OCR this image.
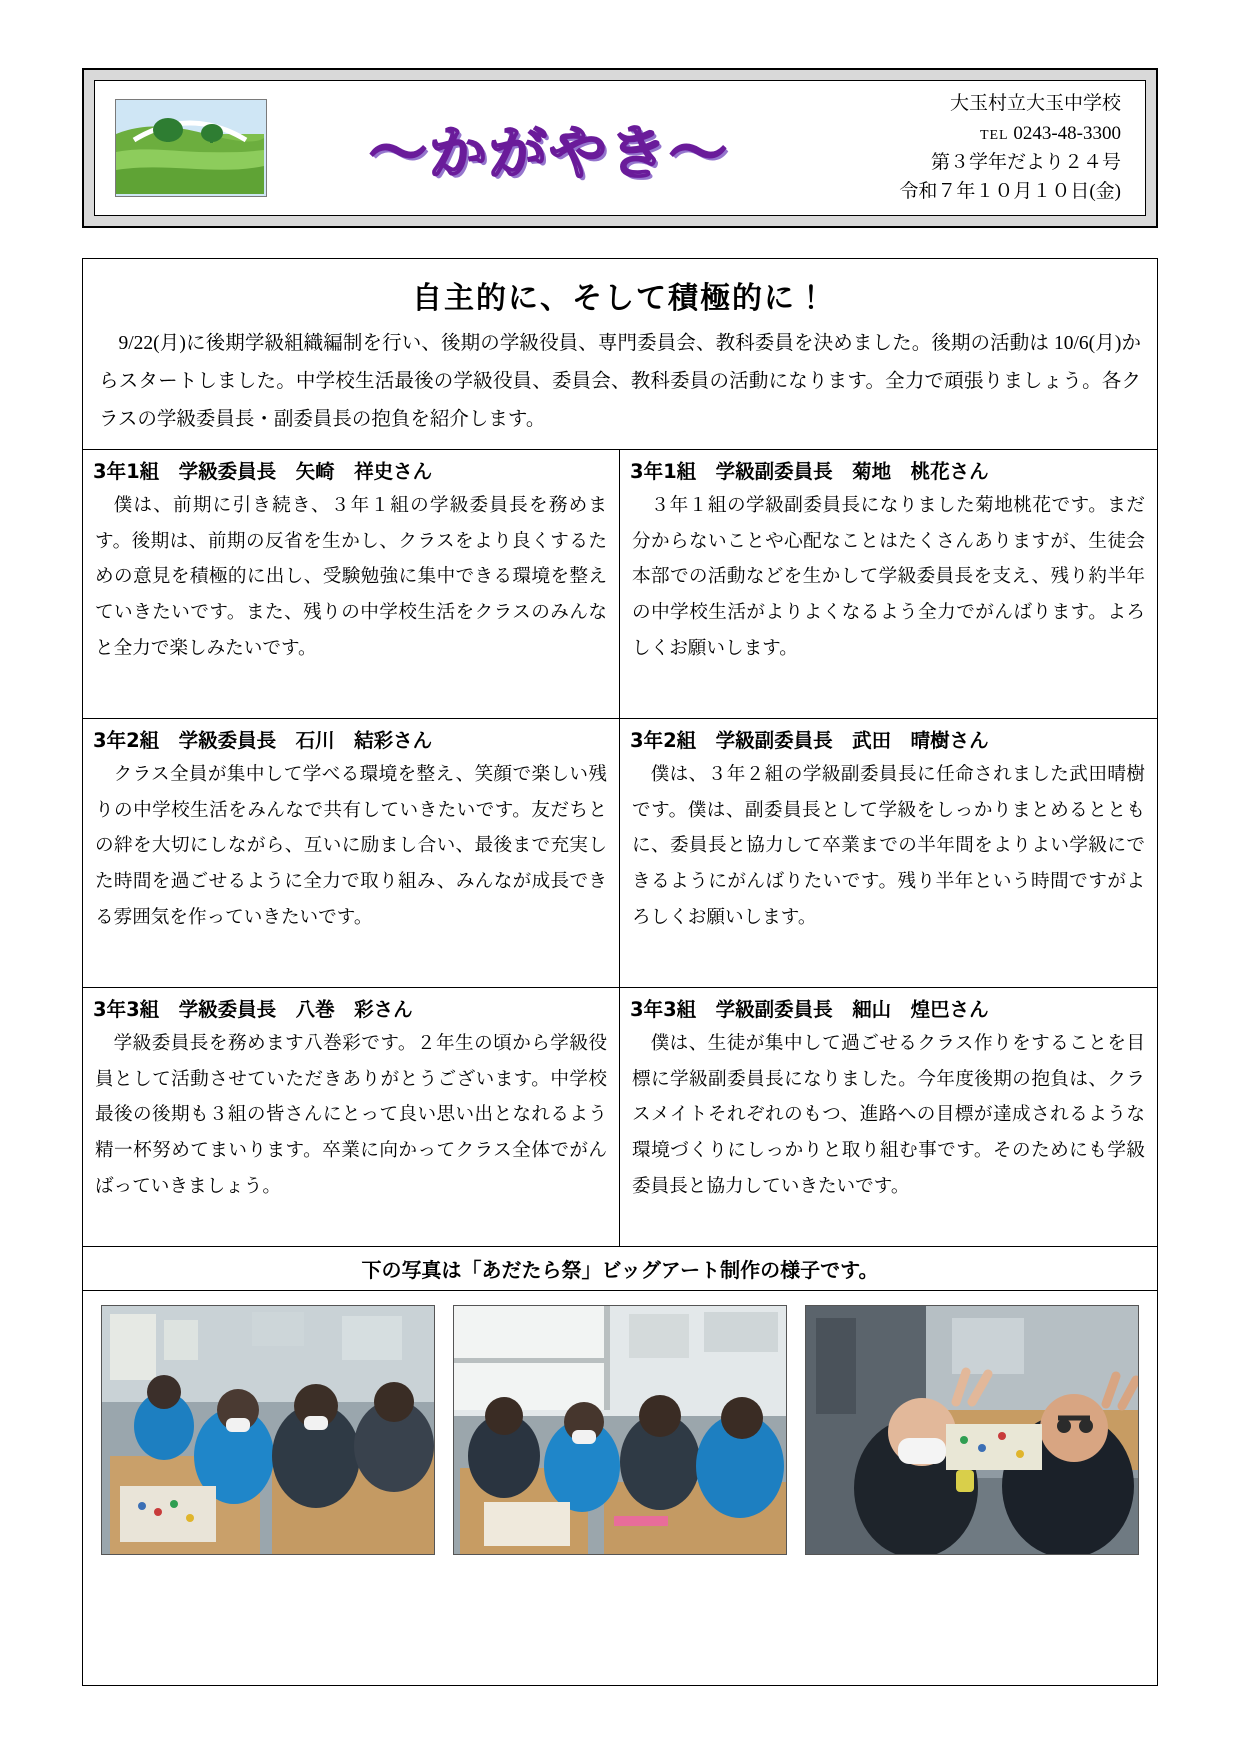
～かがやき～
大玉村立大玉中学校
TEL 0243-48-3300
第３学年だより２４号
令和７年１０月１０日(金)
自主的に、そして積極的に！

9/22(月)に後期学級組織編制を行い、後期の学級役員、専門委員会、教科委員を決めました。後期の活動は 10/6(月)からスタートしました。中学校生活最後の学級役員、委員会、教科委員の活動になります。全力で頑張りましょう。各クラスの学級委員長・副委員長の抱負を紹介します。

3年1組　学級委員長　矢崎　祥史さん

僕は、前期に引き続き、３年１組の学級委員長を務めます。後期は、前期の反省を生かし、クラスをより良くするための意見を積極的に出し、受験勉強に集中できる環境を整えていきたいです。また、残りの中学校生活をクラスのみんなと全力で楽しみたいです。

3年1組　学級副委員長　菊地　桃花さん

３年１組の学級副委員長になりました菊地桃花です。まだ分からないことや心配なことはたくさんありますが、生徒会本部での活動などを生かして学級委員長を支え、残り約半年の中学校生活がよりよくなるよう全力でがんばります。よろしくお願いします。

3年2組　学級委員長　石川　結彩さん

クラス全員が集中して学べる環境を整え、笑顔で楽しい残りの中学校生活をみんなで共有していきたいです。友だちとの絆を大切にしながら、互いに励まし合い、最後まで充実した時間を過ごせるように全力で取り組み、みんなが成長できる雰囲気を作っていきたいです。

3年2組　学級副委員長　武田　晴樹さん

僕は、３年２組の学級副委員長に任命されました武田晴樹です。僕は、副委員長として学級をしっかりまとめるとともに、委員長と協力して卒業までの半年間をよりよい学級にできるようにがんばりたいです。残り半年という時間ですがよろしくお願いします。

3年3組　学級委員長　八巻　彩さん

学級委員長を務めます八巻彩です。２年生の頃から学級役員として活動させていただきありがとうございます。中学校最後の後期も３組の皆さんにとって良い思い出となれるよう精一杯努めてまいります。卒業に向かってクラス全体でがんばっていきましょう。

3年3組　学級副委員長　細山　煌巴さん

僕は、生徒が集中して過ごせるクラス作りをすることを目標に学級副委員長になりました。今年度後期の抱負は、クラスメイトそれぞれのもつ、進路への目標が達成されるような環境づくりにしっかりと取り組む事です。そのためにも学級委員長と協力していきたいです。

下の写真は「あだたら祭」ビッグアート制作の様子です。
